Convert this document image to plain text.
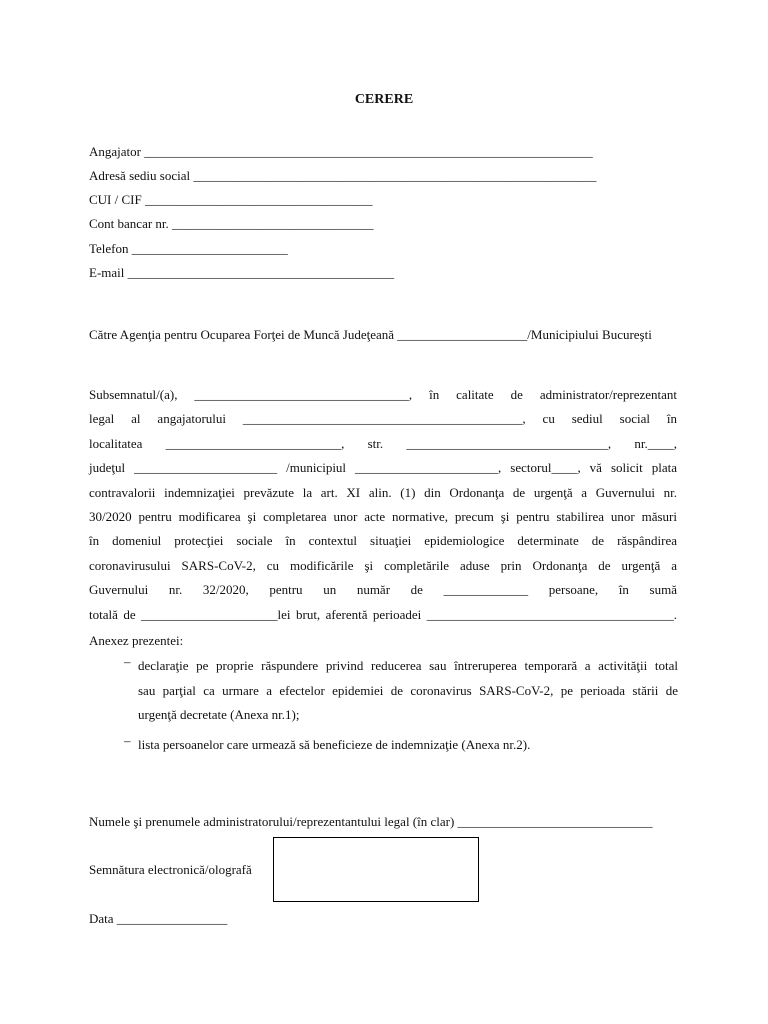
CERERE

Angajator _____________________________________________________________________

Adresă sediu social ______________________________________________________________

CUI / CIF ___________________________________

Cont bancar nr. _______________________________

Telefon ________________________

E-mail _________________________________________

Către Agenţia pentru Ocuparea Forţei de Muncă Judeţeană ____________________/Municipiului Bucureşti

Subsemnatul/(a), _________________________________, în calitate de administrator/reprezentant
legal al angajatorului ___________________________________________, cu sediul social în
localitatea ___________________________, str. _______________________________, nr.____,
judeţul ______________________ /municipiul ______________________, sectorul____, vă solicit plata
contravalorii indemnizaţiei prevăzute la art. XI alin. (1) din Ordonanţa de urgenţă a Guvernului nr.
30/2020 pentru modificarea şi completarea unor acte normative, precum şi pentru stabilirea unor măsuri
în domeniul protecţiei sociale în contextul situaţiei epidemiologice determinate de răspândirea
coronavirusului SARS-CoV-2, cu modificările şi completările aduse prin Ordonanţa de urgenţă a
Guvernului nr. 32/2020, pentru un număr de _____________ persoane, în sumă
totală de _____________________lei brut, aferentă perioadei ______________________________________.

Anexez prezentei:

– declaraţie pe proprie răspundere privind reducerea sau întreruperea temporară a activităţii total
sau parţial ca urmare a efectelor epidemiei de coronavirus SARS-CoV-2, pe perioada stării de
urgenţă decretate (Anexa nr.1);
– lista persoanelor care urmează să beneficieze de indemnizaţie (Anexa nr.2).

Numele şi prenumele administratorului/reprezentantului legal (în clar) ______________________________

Semnătura electronică/olografă

Data _________________
